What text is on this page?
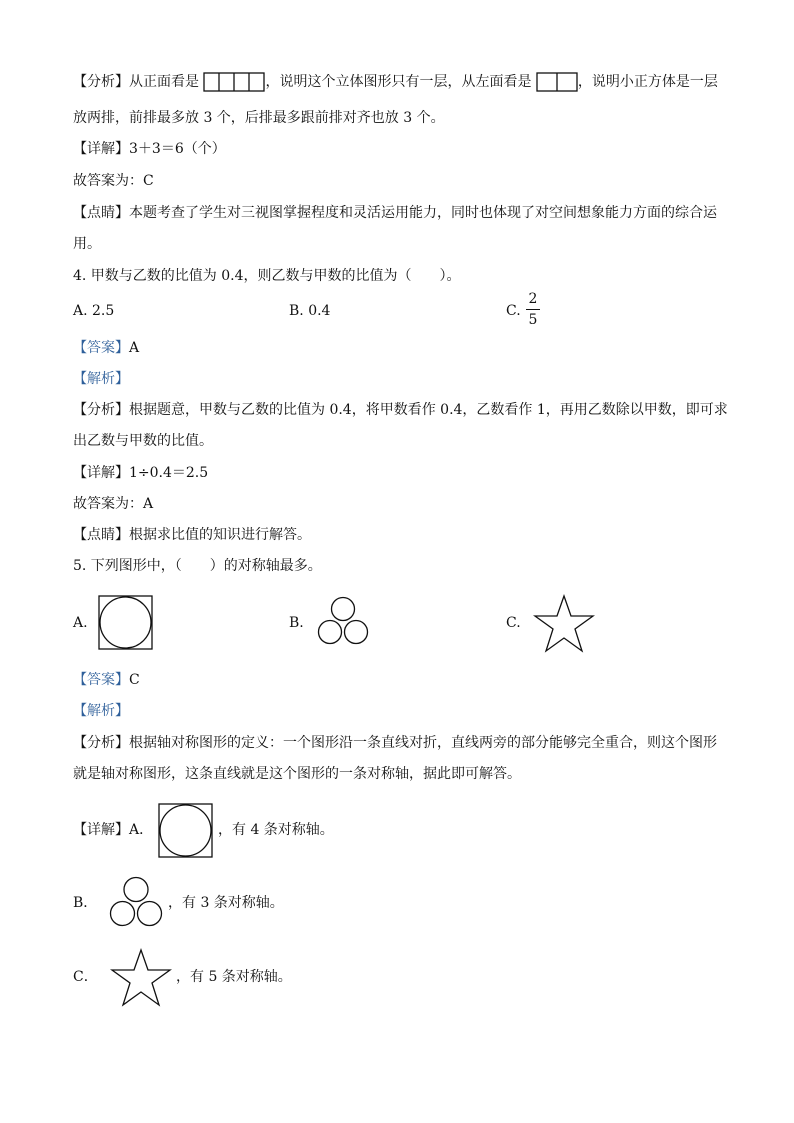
【分析】从正面看是	，说明这个立体图形只有一层，从左面看是	，说明小正方体是一层
放两排，前排最多放 3 个，后排最多跟前排对齐也放 3 个。
【详解】3＋3＝6（个）
故答案为：C
【点睛】本题考查了学生对三视图掌握程度和灵活运用能力，同时也体现了对空间想象能力方面的综合运
用。
4. 甲数与乙数的比值为 0.4，则乙数与甲数的比值为（　　）。
A. 2.5	B. 0.4	C.
2
5
【答案】A
【解析】
【分析】根据题意，甲数与乙数的比值为 0.4，将甲数看作 0.4，乙数看作 1，再用乙数除以甲数，即可求
出乙数与甲数的比值。
【详解】1÷0.4＝2.5
故答案为：A
【点睛】根据求比值的知识进行解答。
5. 下列图形中，（　　）的对称轴最多。
A.	B.	C.
【答案】C
【解析】
【分析】根据轴对称图形的定义：一个图形沿一条直线对折，直线两旁的部分能够完全重合，则这个图形
就是轴对称图形，这条直线就是这个图形的一条对称轴，据此即可解答。
【详解】A．	，有 4 条对称轴。
B．	，有 3 条对称轴。
C．	，有 5 条对称轴。
